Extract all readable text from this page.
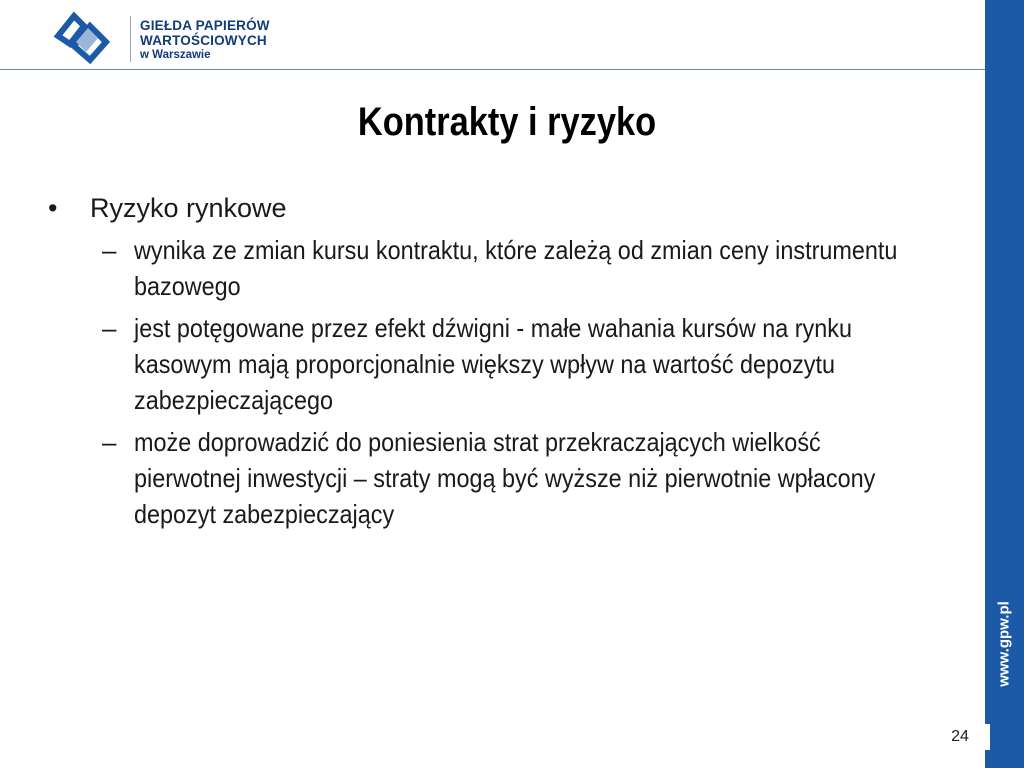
GIEŁDA PAPIERÓW
WARTOŚCIOWYCH
w Warszawie
www.gpw.pl
24
Kontrakty i ryzyko
• Ryzyko rynkowe
– wynika ze zmian kursu kontraktu, które zależą od zmian ceny instrumentu bazowego
– jest potęgowane przez efekt dźwigni - małe wahania kursów na rynku kasowym mają proporcjonalnie większy wpływ na wartość depozytu zabezpieczającego
– może doprowadzić do poniesienia strat przekraczających wielkość pierwotnej inwestycji – straty mogą być wyższe niż pierwotnie wpłacony depozyt zabezpieczający
